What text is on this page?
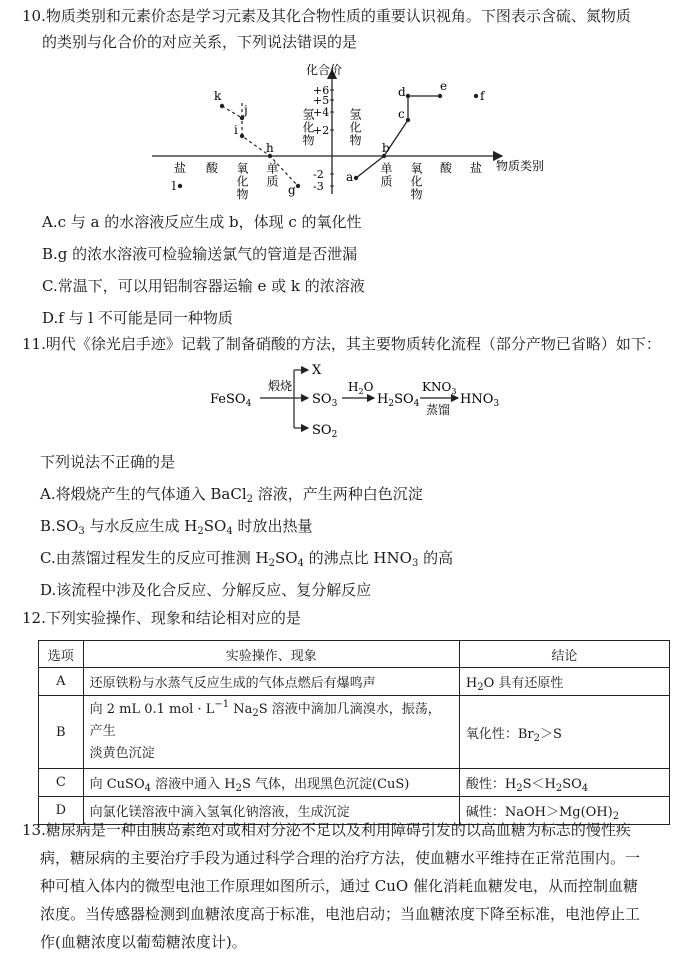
10.物质类别和元素价态是学习元素及其化合物性质的重要认识视角。下图表示含硫、氮物质
的类别与化合价的对应关系，下列说法错误的是
化合价
+6
+5
+4
+2
-2
-3
氢化物	氢化物
盐 酸 氧化物 单质	单质 氧化物 酸 盐 物质类别
a
b
c
d	e
f
g
h
i
j
k
l
A.c 与 a 的水溶液反应生成 b，体现 c 的氧化性
B.g 的浓水溶液可检验输送氯气的管道是否泄漏
C.常温下，可以用铝制容器运输 e 或 k 的浓溶液
D.f 与 l 不可能是同一种物质
11.明代《徐光启手迹》记载了制备硝酸的方法，其主要物质转化流程（部分产物已省略）如下：
FeSO$_4$
煅烧
X
$SO_3$
$SO_2$
$H_2O$
$H_2SO_4$
$KNO_3$
蒸馏
$HNO_3$
下列说法不正确的是
A.将煅烧产生的气体通入 BaCl$_2$ 溶液，产生两种白色沉淀
$B.SO_3$ 与水反应生成 $H_2SO_4$ 时放出热量
C.由蒸馏过程发生的反应可推测 $H_2SO_4$ 的沸点比 $HNO_3$ 的高
D.该流程中涉及化合反应、分解反应、复分解反应
12.下列实验操作、现象和结论相对应的是
选项	实验操作、现象	结论
A	还原铁粉与水蒸气反应生成的气体点燃后有爆鸣声	$H_2O$ 具有还原性
B	向 2 mL 0.1 mol · $L^{-1}$ $Na_2S$ 溶液中滴加几滴溴水，振荡，产生
淡黄色沉淀	氧化性：$Br_2>S$
C	向 CuSO$_4$ 溶液中通入 $H_2S$ 气体，出现黑色沉淀(CuS)	酸性：$H_2S<H_2SO_4$
D	向氯化镁溶液中滴入氢氧化钠溶液，生成沉淀	碱性：$NaOH>Mg(OH)_2$
13.糖尿病是一种由胰岛素绝对或相对分泌不足以及利用障碍引发的以高血糖为标志的慢性疾
病，糖尿病的主要治疗手段为通过科学合理的治疗方法，使血糖水平维持在正常范围内。一
种可植入体内的微型电池工作原理如图所示，通过 CuO 催化消耗血糖发电，从而控制血糖
浓度。当传感器检测到血糖浓度高于标准，电池启动；当血糖浓度下降至标准，电池停止工
作(血糖浓度以葡萄糖浓度计)。
